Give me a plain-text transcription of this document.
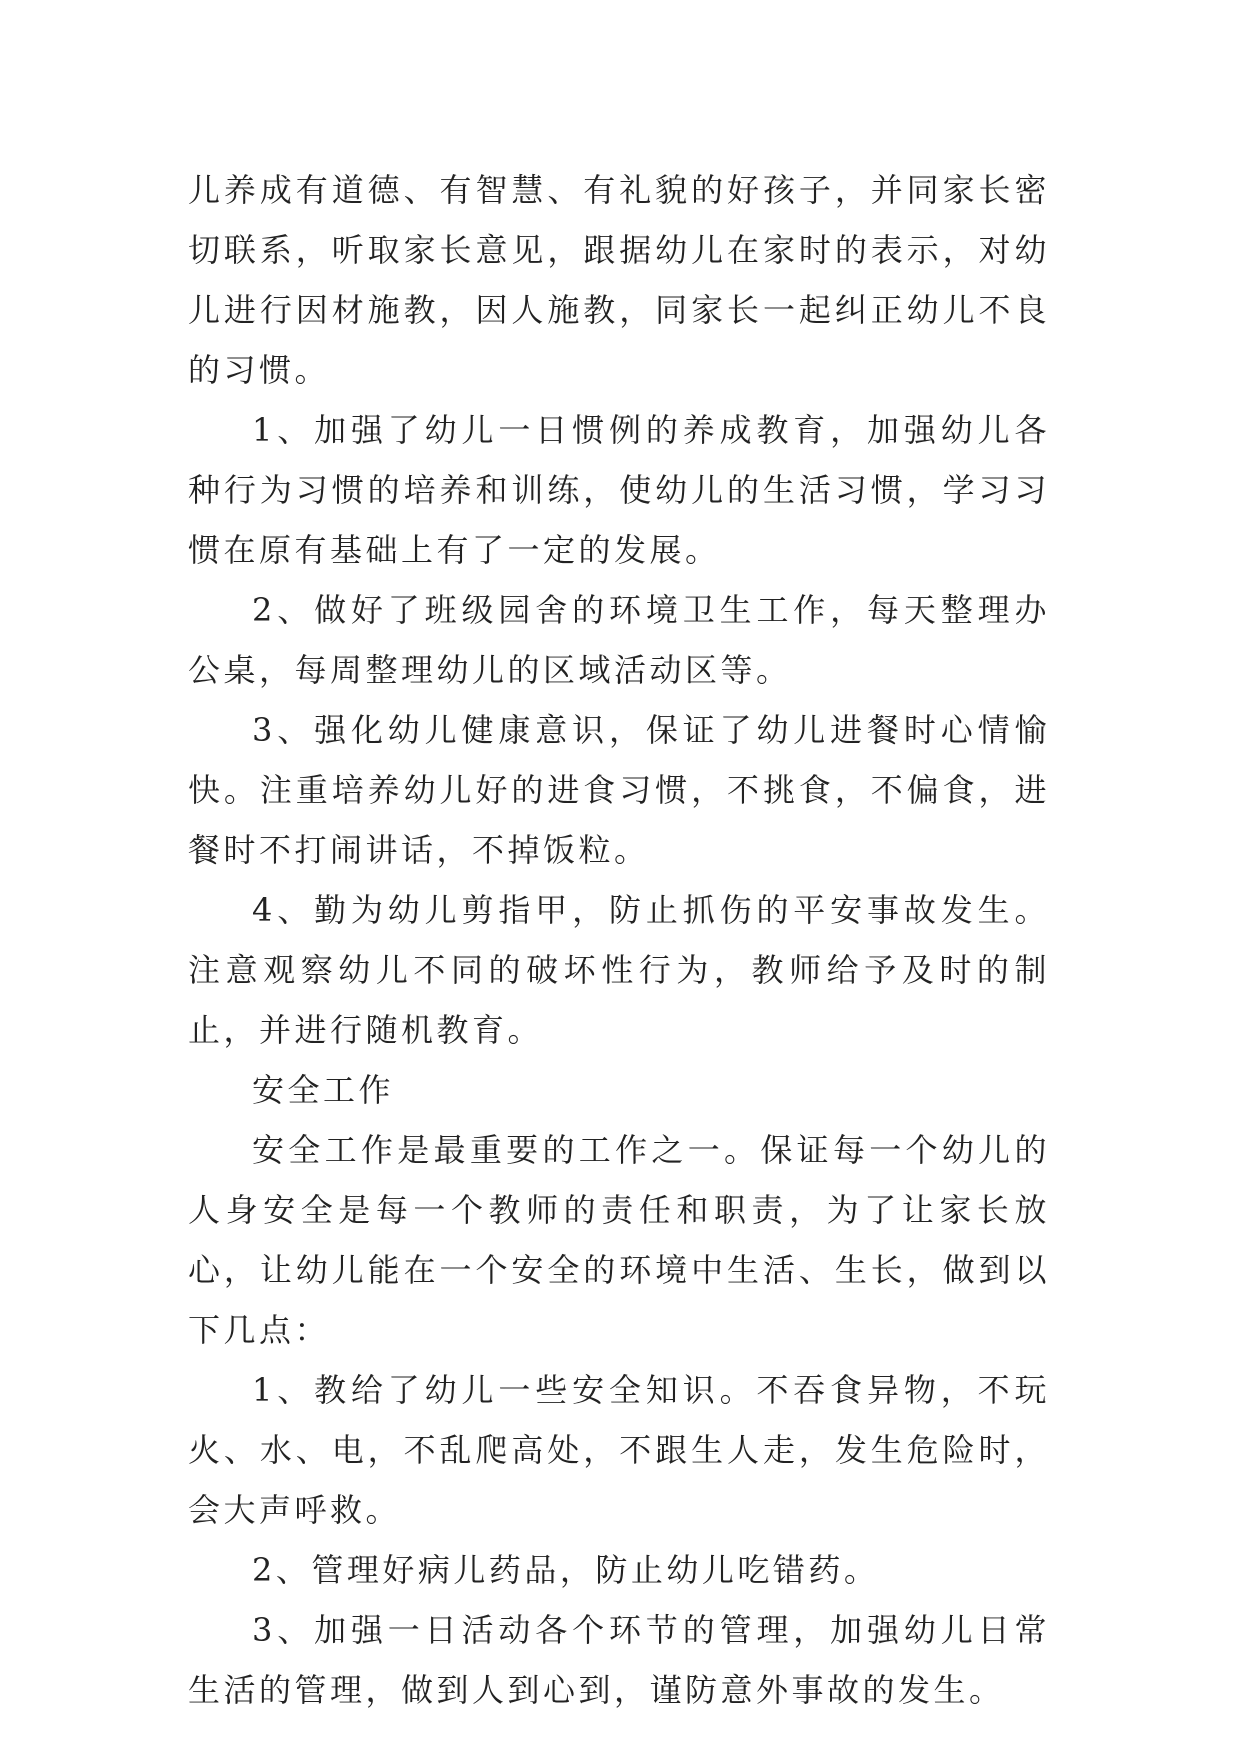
儿养成有道德、有智慧、有礼貌的好孩子，并同家长密切联系，听取家长意见，跟据幼儿在家时的表示，对幼儿进行因材施教，因人施教，同家长一起纠正幼儿不良的习惯。

1、加强了幼儿一日惯例的养成教育，加强幼儿各种行为习惯的培养和训练，使幼儿的生活习惯，学习习惯在原有基础上有了一定的发展。

2、做好了班级园舍的环境卫生工作，每天整理办公桌，每周整理幼儿的区域活动区等。

3、强化幼儿健康意识，保证了幼儿进餐时心情愉快。注重培养幼儿好的进食习惯，不挑食，不偏食，进餐时不打闹讲话，不掉饭粒。

4、勤为幼儿剪指甲，防止抓伤的平安事故发生。注意观察幼儿不同的破坏性行为，教师给予及时的制止，并进行随机教育。

安全工作

安全工作是最重要的工作之一。保证每一个幼儿的人身安全是每一个教师的责任和职责，为了让家长放心，让幼儿能在一个安全的环境中生活、生长，做到以下几点：

1、教给了幼儿一些安全知识。不吞食异物，不玩火、水、电，不乱爬高处，不跟生人走，发生危险时，会大声呼救。

2、管理好病儿药品，防止幼儿吃错药。

3、加强一日活动各个环节的管理，加强幼儿日常生活的管理，做到人到心到，谨防意外事故的发生。
